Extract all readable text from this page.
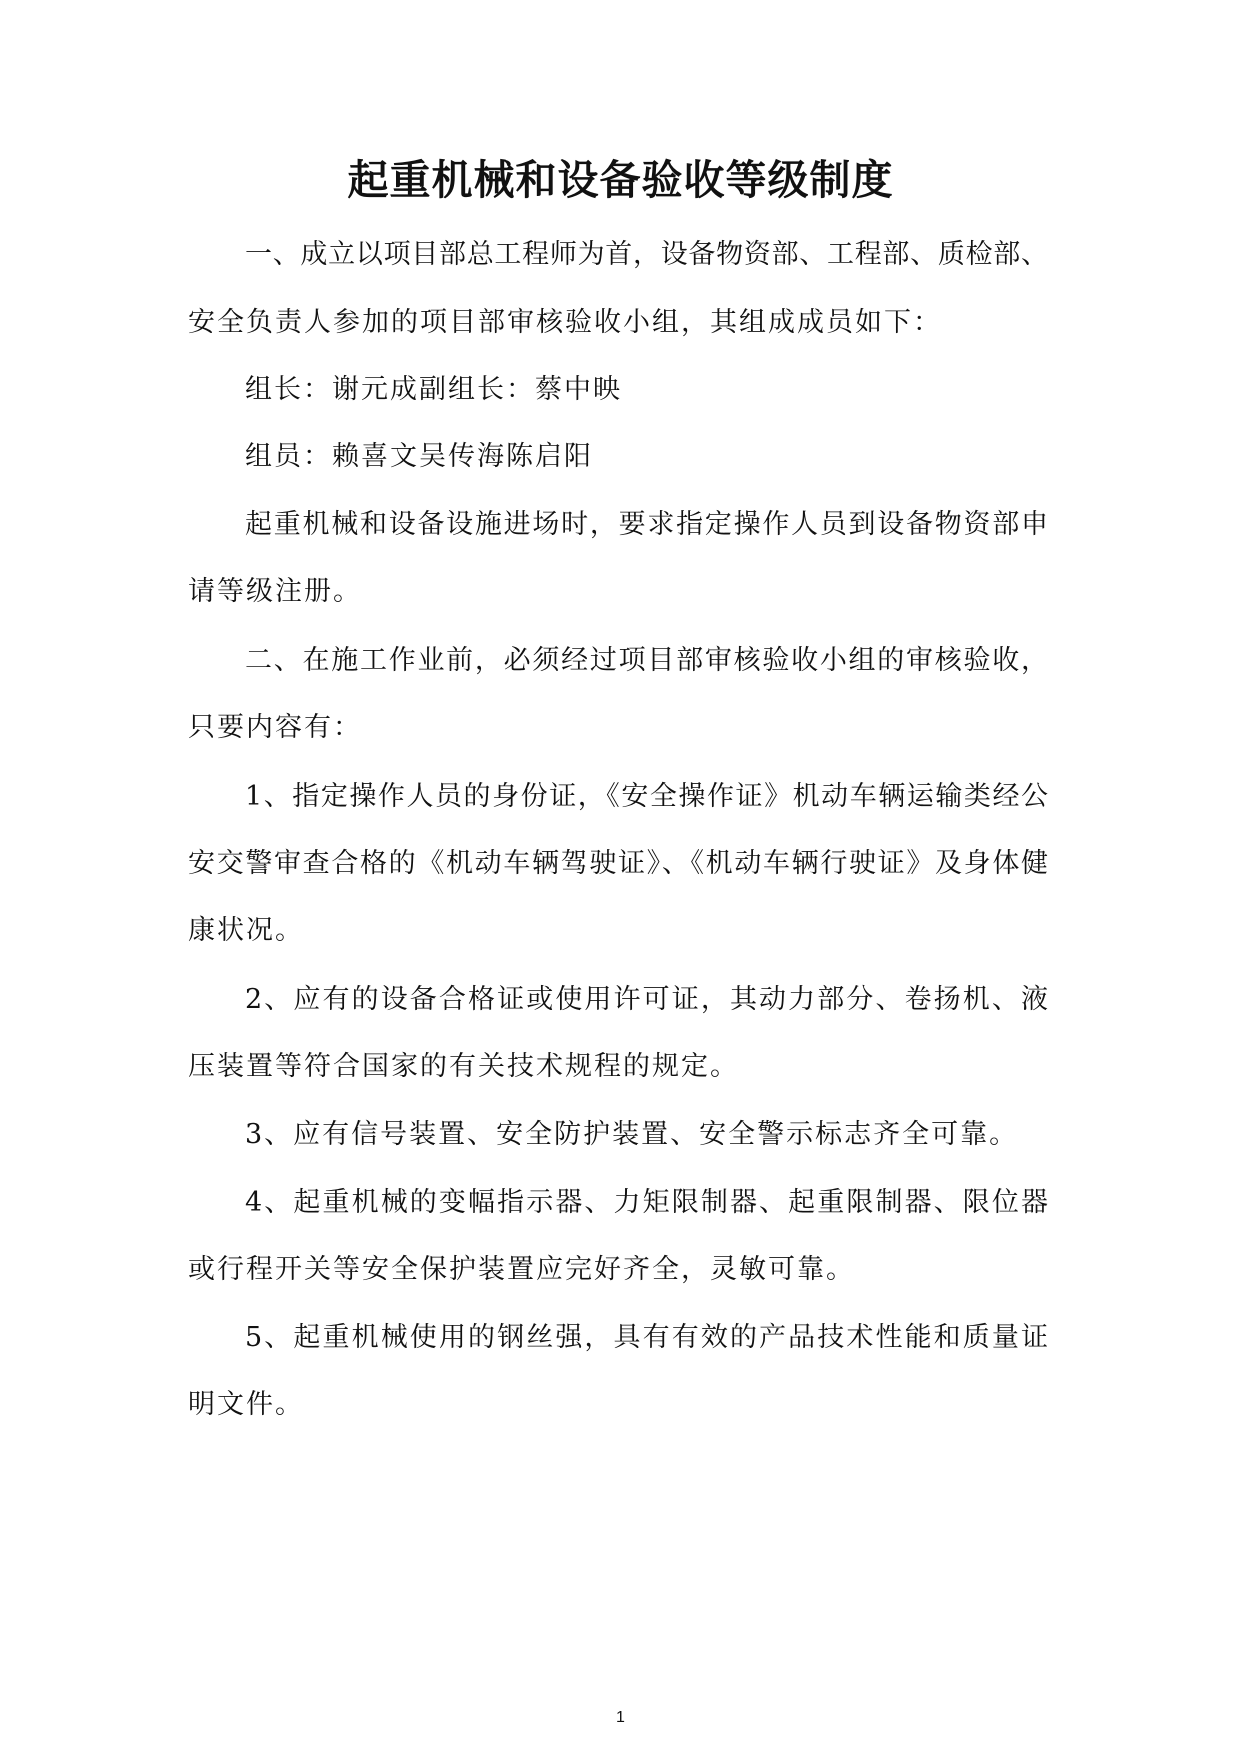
起重机械和设备验收等级制度

一、成立以项目部总工程师为首，设备物资部、工程部、质检部、

安全负责人参加的项目部审核验收小组，其组成成员如下：

组长：谢元成副组长：蔡中映

组员：赖喜文吴传海陈启阳

起重机械和设备设施进场时，要求指定操作人员到设备物资部申

请等级注册。

二、在施工作业前，必须经过项目部审核验收小组的审核验收，

只要内容有：

1、指定操作人员的身份证，《安全操作证》机动车辆运输类经公

安交警审查合格的《机动车辆驾驶证》、《机动车辆行驶证》及身体健

康状况。

2、应有的设备合格证或使用许可证，其动力部分、卷扬机、液

压装置等符合国家的有关技术规程的规定。

3、应有信号装置、安全防护装置、安全警示标志齐全可靠。

4、起重机械的变幅指示器、力矩限制器、起重限制器、限位器

或行程开关等安全保护装置应完好齐全，灵敏可靠。

5、起重机械使用的钢丝强，具有有效的产品技术性能和质量证

明文件。

1
